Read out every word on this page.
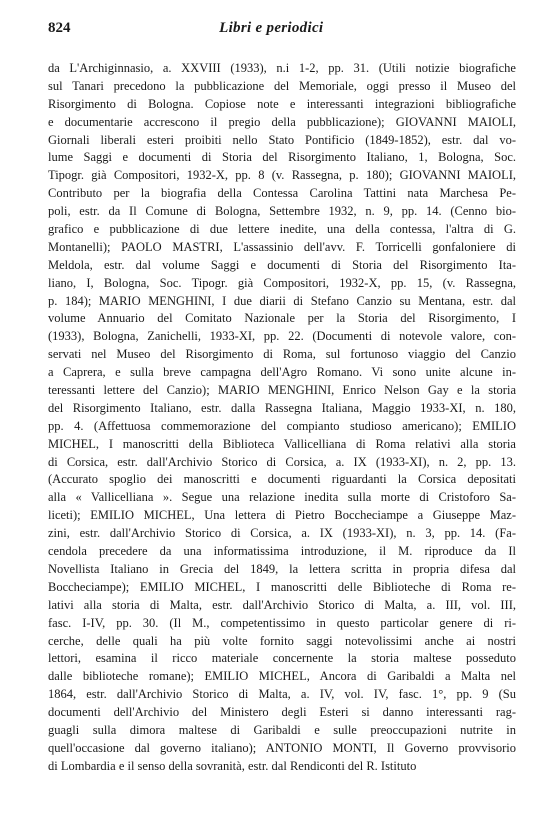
824	Libri e periodici
da L'Archiginnasio, a. XXVIII (1933), n.i 1-2, pp. 31. (Utili notizie biografiche
sul Tanari precedono la pubblicazione del Memoriale, oggi presso il Museo del
Risorgimento di Bologna. Copiose note e interessanti integrazioni bibliografiche
e documentarie accrescono il pregio della pubblicazione); GIOVANNI MAIOLI,
Giornali liberali esteri proibiti nello Stato Pontificio (1849-1852), estr. dal vo-
lume Saggi e documenti di Storia del Risorgimento Italiano, 1, Bologna, Soc.
Tipogr. già Compositori, 1932-X, pp. 8 (v. Rassegna, p. 180); GIOVANNI MAIOLI,
Contributo per la biografia della Contessa Carolina Tattini nata Marchesa Pe-
poli, estr. da Il Comune di Bologna, Settembre 1932, n. 9, pp. 14. (Cenno bio-
grafico e pubblicazione di due lettere inedite, una della contessa, l'altra di G.
Montanelli); PAOLO MASTRI, L'assassinio dell'avv. F. Torricelli gonfaloniere di
Meldola, estr. dal volume Saggi e documenti di Storia del Risorgimento Ita-
liano, I, Bologna, Soc. Tipogr. già Compositori, 1932-X, pp. 15, (v. Rassegna,
p. 184); MARIO MENGHINI, I due diarii di Stefano Canzio su Mentana, estr. dal
volume Annuario del Comitato Nazionale per la Storia del Risorgimento, I
(1933), Bologna, Zanichelli, 1933-XI, pp. 22. (Documenti di notevole valore, con-
servati nel Museo del Risorgimento di Roma, sul fortunoso viaggio del Canzio
a Caprera, e sulla breve campagna dell'Agro Romano. Vi sono unite alcune in-
teressanti lettere del Canzio); MARIO MENGHINI, Enrico Nelson Gay e la storia
del Risorgimento Italiano, estr. dalla Rassegna Italiana, Maggio 1933-XI, n. 180,
pp. 4. (Affettuosa commemorazione del compianto studioso americano); EMILIO
MICHEL, I manoscritti della Biblioteca Vallicelliana di Roma relativi alla storia
di Corsica, estr. dall'Archivio Storico di Corsica, a. IX (1933-XI), n. 2, pp. 13.
(Accurato spoglio dei manoscritti e documenti riguardanti la Corsica depositati
alla « Vallicelliana ». Segue una relazione inedita sulla morte di Cristoforo Sa-
liceti); EMILIO MICHEL, Una lettera di Pietro Boccheciampe a Giuseppe Maz-
zini, estr. dall'Archivio Storico di Corsica, a. IX (1933-XI), n. 3, pp. 14. (Fa-
cendola precedere da una informatissima introduzione, il M. riproduce da Il
Novellista Italiano in Grecia del 1849, la lettera scritta in propria difesa dal
Boccheciampe); EMILIO MICHEL, I manoscritti delle Biblioteche di Roma re-
lativi alla storia di Malta, estr. dall'Archivio Storico di Malta, a. III, vol. III,
fasc. I-IV, pp. 30. (Il M., competentissimo in questo particolar genere di ri-
cerche, delle quali ha più volte fornito saggi notevolissimi anche ai nostri
lettori, esamina il ricco materiale concernente la storia maltese posseduto
dalle biblioteche romane); EMILIO MICHEL, Ancora di Garibaldi a Malta nel
1864, estr. dall'Archivio Storico di Malta, a. IV, vol. IV, fasc. 1°, pp. 9 (Su
documenti dell'Archivio del Ministero degli Esteri si danno interessanti rag-
guagli sulla dimora maltese di Garibaldi e sulle preoccupazioni nutrite in
quell'occasione dal governo italiano); ANTONIO MONTI, Il Governo provvisorio
di Lombardia e il senso della sovranità, estr. dal Rendiconti del R. Istituto
